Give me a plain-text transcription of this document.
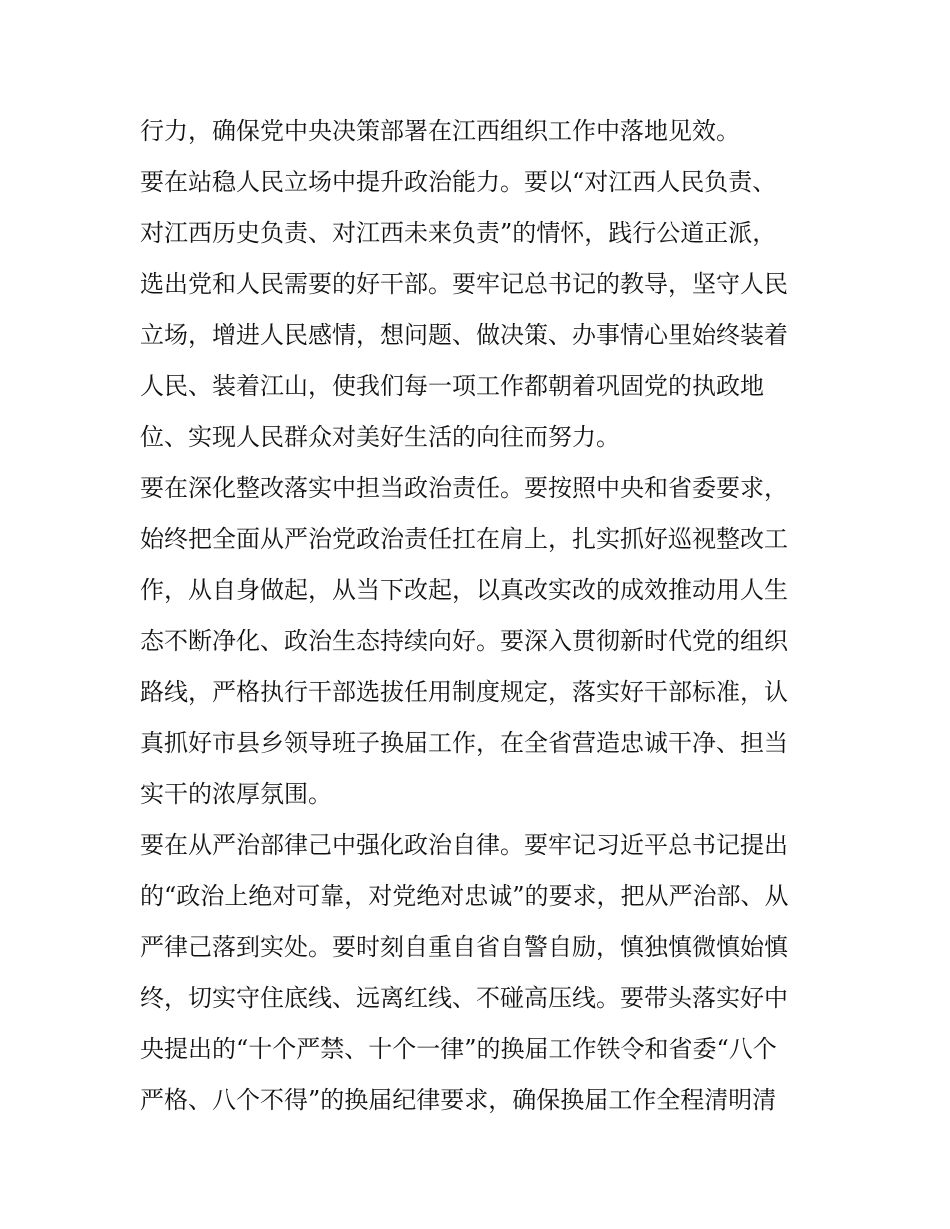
行力，确保党中央决策部署在江西组织工作中落地见效。
要在站稳人民立场中提升政治能力。要以“对江西人民负责、
对江西历史负责、对江西未来负责”的情怀，践行公道正派，
选出党和人民需要的好干部。要牢记总书记的教导，坚守人民
立场，增进人民感情，想问题、做决策、办事情心里始终装着
人民、装着江山，使我们每一项工作都朝着巩固党的执政地
位、实现人民群众对美好生活的向往而努力。
要在深化整改落实中担当政治责任。要按照中央和省委要求，
始终把全面从严治党政治责任扛在肩上，扎实抓好巡视整改工
作，从自身做起，从当下改起，以真改实改的成效推动用人生
态不断净化、政治生态持续向好。要深入贯彻新时代党的组织
路线，严格执行干部选拔任用制度规定，落实好干部标准，认
真抓好市县乡领导班子换届工作，在全省营造忠诚干净、担当
实干的浓厚氛围。
要在从严治部律己中强化政治自律。要牢记习近平总书记提出
的“政治上绝对可靠，对党绝对忠诚”的要求，把从严治部、从
严律己落到实处。要时刻自重自省自警自励，慎独慎微慎始慎
终，切实守住底线、远离红线、不碰高压线。要带头落实好中
央提出的“十个严禁、十个一律”的换届工作铁令和省委“八个
严格、八个不得”的换届纪律要求，确保换届工作全程清明清
